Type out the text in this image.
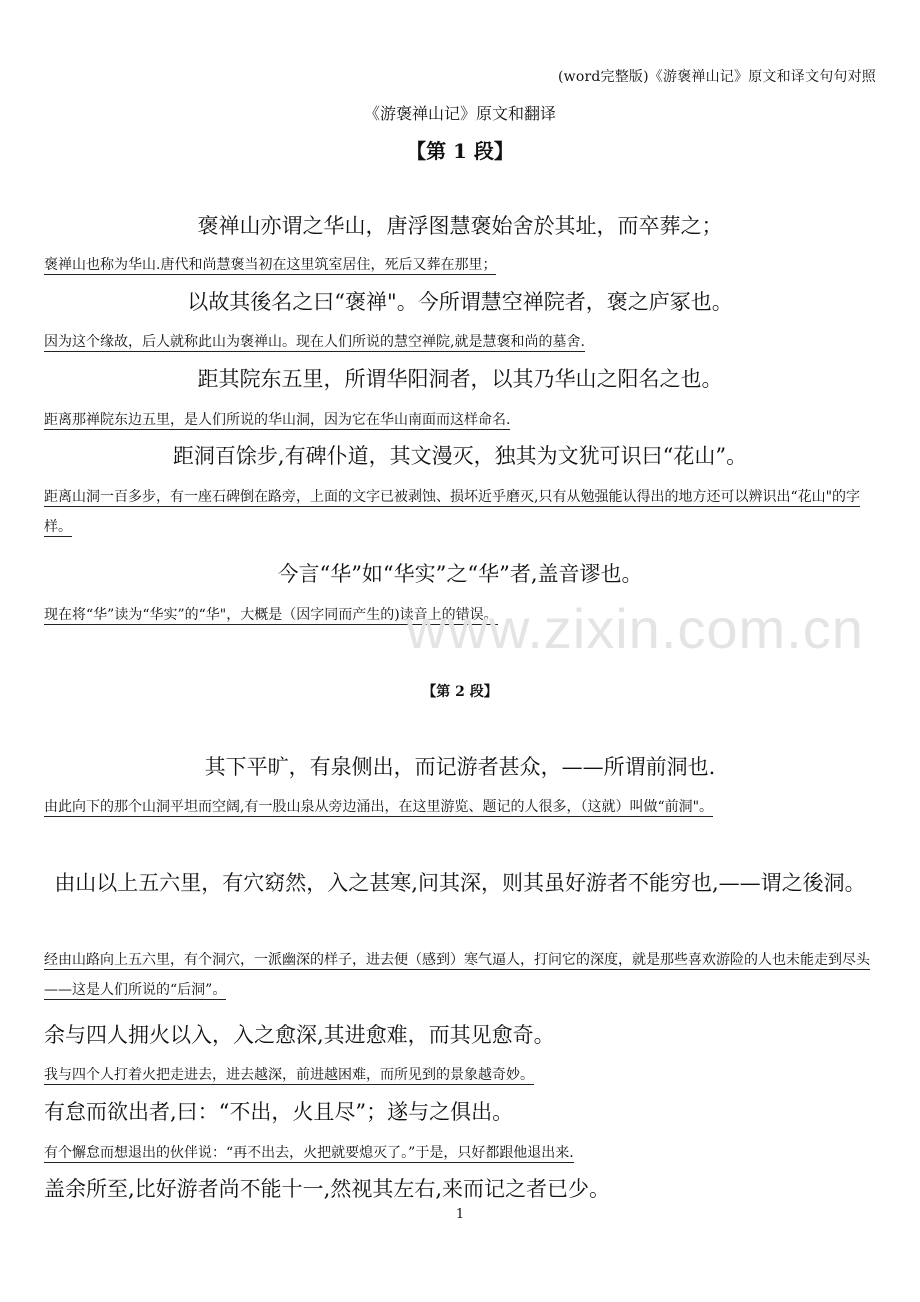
(word完整版)《游褒禅山记》原文和译文句句对照
《游褒禅山记》原文和翻译
【第 1 段】
褒禅山亦谓之华山，唐浮图慧褒始舍於其址，而卒葬之；
褒禅山也称为华山.唐代和尚慧褒当初在这里筑室居住，死后又葬在那里；
以故其後名之曰“褒禅"。今所谓慧空禅院者，褒之庐冢也。
因为这个缘故，后人就称此山为褒禅山。现在人们所说的慧空禅院,就是慧褒和尚的墓舍.
距其院东五里，所谓华阳洞者，以其乃华山之阳名之也。
距离那禅院东边五里，是人们所说的华山洞，因为它在华山南面而这样命名.
距洞百馀步,有碑仆道，其文漫灭，独其为文犹可识曰“花山”。
距离山洞一百多步，有一座石碑倒在路旁，上面的文字已被剥蚀、损坏近乎磨灭,只有从勉强能认得出的地方还可以辨识出“花山"的字样。
今言“华”如“华实”之“华”者,盖音谬也。
现在将“华”读为“华实”的“华"，大概是（因字同而产生的)读音上的错误。
www.zixin.com.cn
【第 2 段】
其下平旷，有泉侧出，而记游者甚众，——所谓前洞也.
由此向下的那个山洞平坦而空阔,有一股山泉从旁边涌出，在这里游览、题记的人很多，（这就）叫做“前洞"。
由山以上五六里，有穴窈然，入之甚寒,问其深，则其虽好游者不能穷也,——谓之後洞。
经由山路向上五六里，有个洞穴，一派幽深的样子，进去便（感到）寒气逼人，打问它的深度，就是那些喜欢游险的人也未能走到尽头——这是人们所说的“后洞”。
余与四人拥火以入，入之愈深,其进愈难，而其见愈奇。
我与四个人打着火把走进去，进去越深，前进越困难，而所见到的景象越奇妙。
有怠而欲出者,曰：“不出，火且尽”；遂与之俱出。
有个懈怠而想退出的伙伴说：“再不出去，火把就要熄灭了。”于是，只好都跟他退出来.
盖余所至,比好游者尚不能十一,然视其左右,来而记之者已少。
1
